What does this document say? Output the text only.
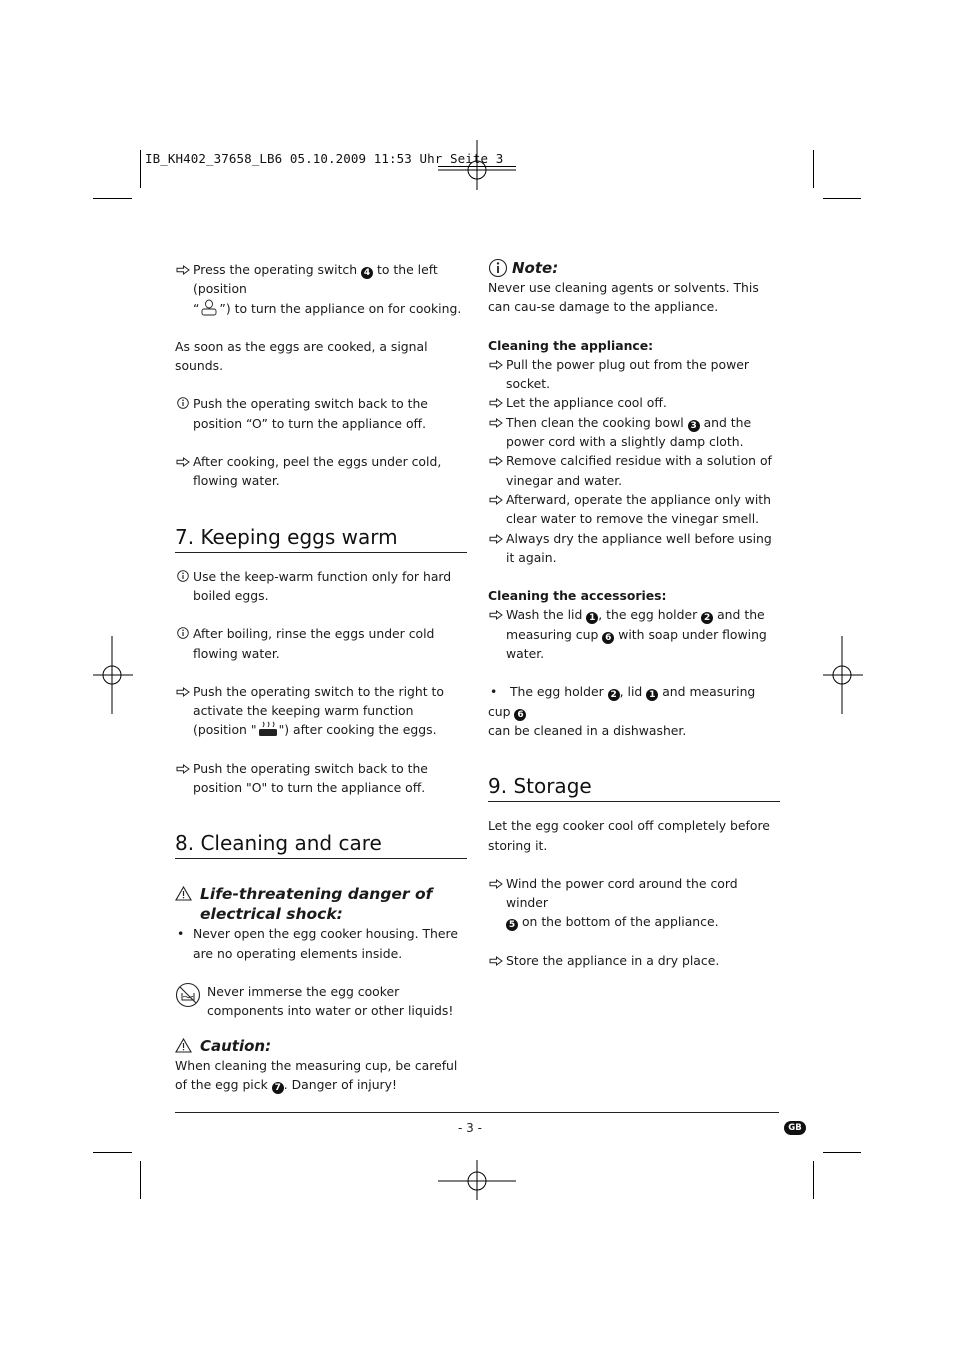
IB_KH402_37658_LB6 05.10.2009 11:53 Uhr Seite 3
Press the operating switch 4 to the left (position
“ ”) to turn the appliance on for cooking.
As soon as the eggs are cooked, a signal sounds.
Push the operating switch back to the position “O” to turn the appliance off.
After cooking, peel the eggs under cold, flowing water.
7. Keeping eggs warm
Use the keep-warm function only for hard boiled eggs.
After boiling, rinse the eggs under cold flowing water.
Push the operating switch to the right to activate the keeping warm function (position " ") after cooking the eggs.
Push the operating switch back to the position "O" to turn the appliance off.
8. Cleaning and care
Life-threatening danger of electrical shock:
• Never open the egg cooker housing. There are no operating elements inside.
Never immerse the egg cooker components into water or other liquids!
Caution:
When cleaning the measuring cup, be careful of the egg pick 7 . Danger of injury!
Note:
Never use cleaning agents or solvents. This can cau-se damage to the appliance.
Cleaning the appliance:
Pull the power plug out from the power socket.
Let the appliance cool off.
Then clean the cooking bowl 3 and the power cord with a slightly damp cloth.
Remove calcified residue with a solution of vinegar and water.
Afterward, operate the appliance only with clear water to remove the vinegar smell.
Always dry the appliance well before using it again.
Cleaning the accessories:
Wash the lid 1 , the egg holder 2 and the measuring cup 6 with soap under flowing water.
• The egg holder 2 , lid 1 and measuring cup 6
can be cleaned in a dishwasher.
9. Storage
Let the egg cooker cool off completely before storing it.
Wind the power cord around the cord winder
5 on the bottom of the appliance.
Store the appliance in a dry place.
- 3 -	GB
